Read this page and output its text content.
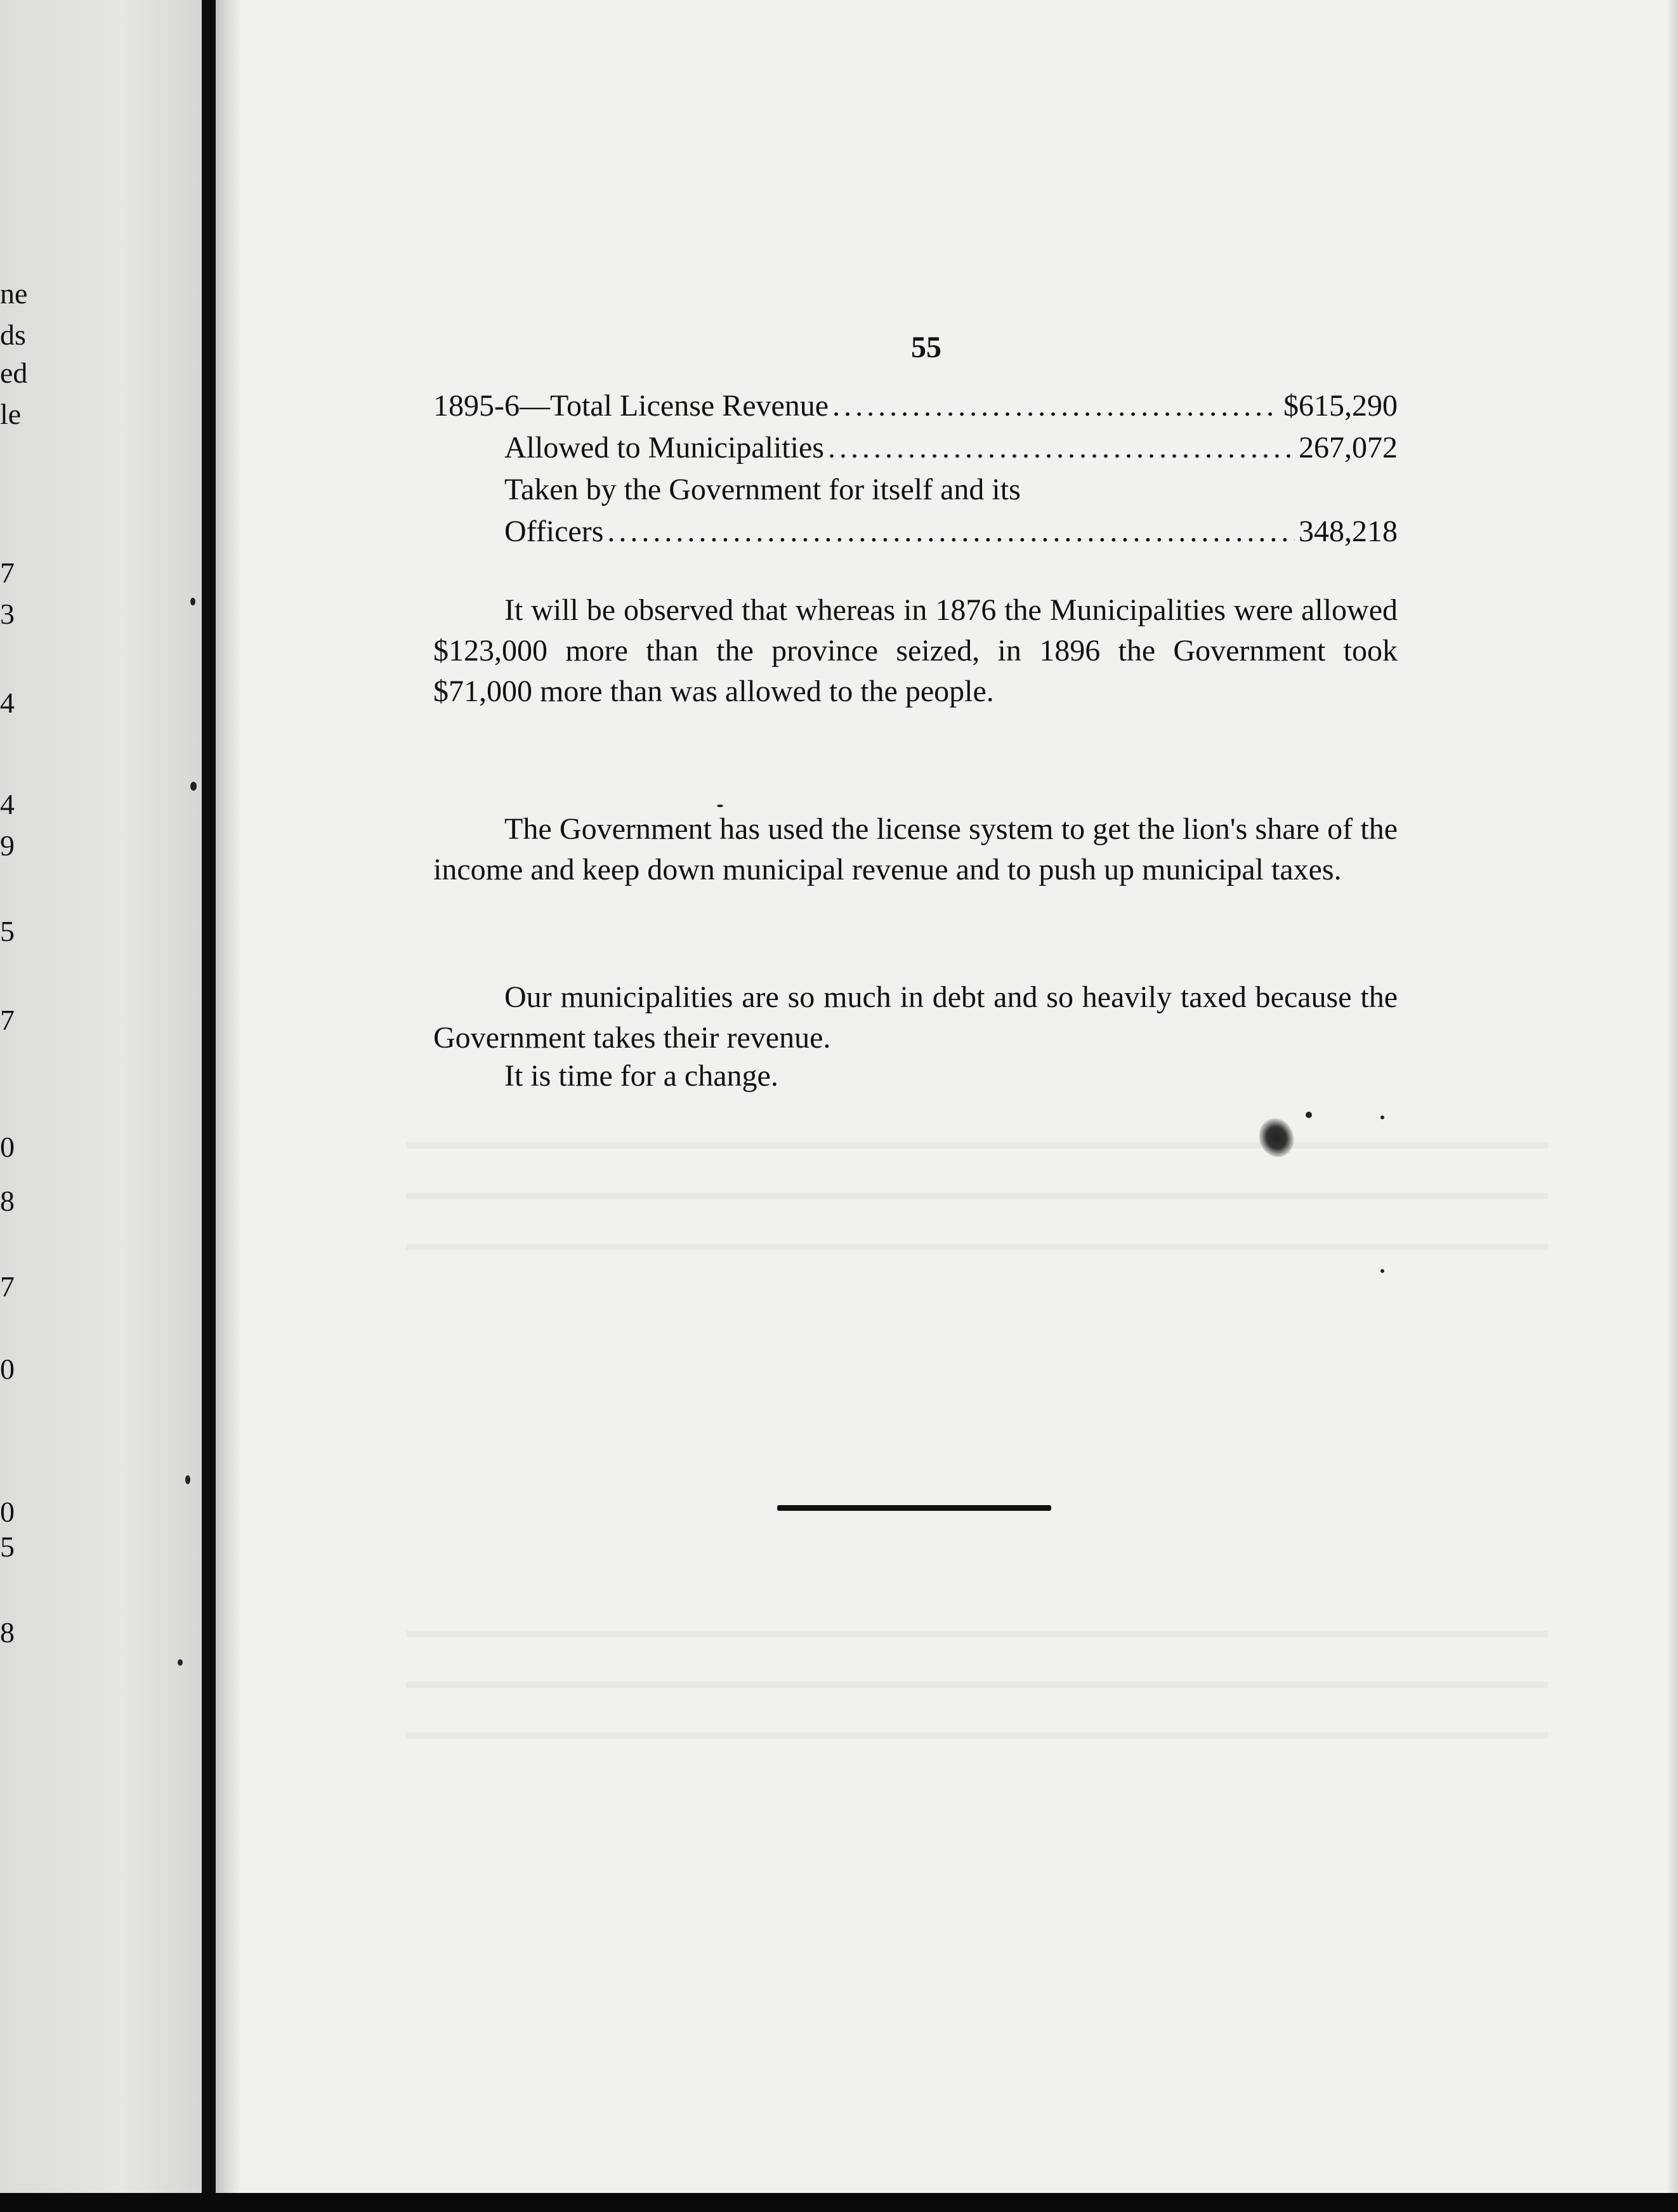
ne
ds
ed
le
7
3
4
4
9
5
7
0
8
7
0
0
5
8
55
1895-6—Total License Revenue .....	$615,290
Allowed to Municipalities .....	267,072
Taken by the Government for itself and its
Officers .....	348,218

It will be observed that whereas in 1876 the Municipalities were allowed $123,000 more than the province seized, in 1896 the Government took $71,000 more than was allowed to the people.

The Government has used the license system to get the lion's share of the income and keep down municipal revenue and to push up municipal taxes.

Our municipalities are so much in debt and so heavily taxed because the Government takes their revenue.

It is time for a change.
